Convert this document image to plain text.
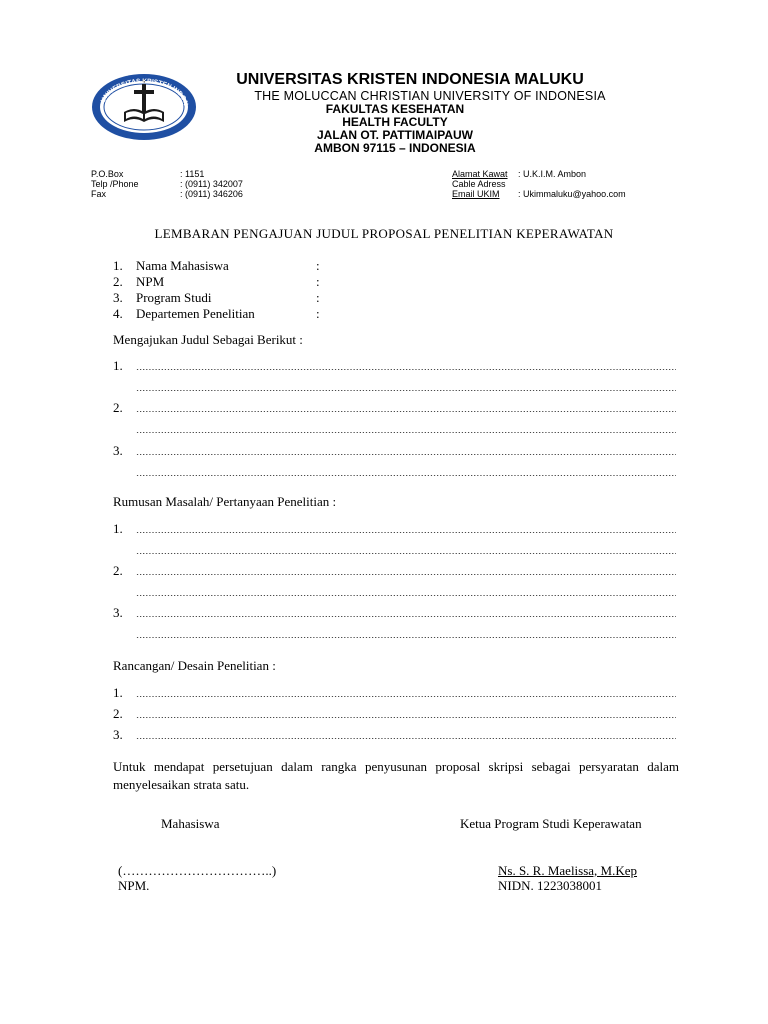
UNIVERSITAS KRISTEN INDON
UNIVERSITAS KRISTEN INDONESIA MALUKU
THE MOLUCCAN CHRISTIAN UNIVERSITY OF INDONESIA
FAKULTAS KESEHATAN
HEALTH FACULTY
JALAN OT. PATTIMAIPAUW
AMBON 97115 – INDONESIA
P.O.Box	: 1151
Telp /Phone	: (0911) 342007
Fax	: (0911) 346206
Alamat Kawat : U.K.I.M. Ambon
Cable Adress
Email UKIM : Ukimmaluku@yahoo.com
LEMBARAN PENGAJUAN JUDUL PROPOSAL PENELITIAN KEPERAWATAN
1. Nama Mahasiswa	:
2. NPM	:
3. Program Studi	:
4. Departemen Penelitian	:
Mengajukan Judul Sebagai Berikut :
1.
2.
3.
Rumusan Masalah/ Pertanyaan Penelitian :
1.
2.
3.
Rancangan/ Desain Penelitian :
1.
2.
3.
Untuk mendapat persetujuan dalam rangka penyusunan proposal skripsi sebagai persyaratan dalam menyelesaikan strata satu.
Mahasiswa	Ketua Program Studi Keperawatan
(……………………………..)
NPM.
Ns. S. R. Maelissa, M.Kep
NIDN. 1223038001
